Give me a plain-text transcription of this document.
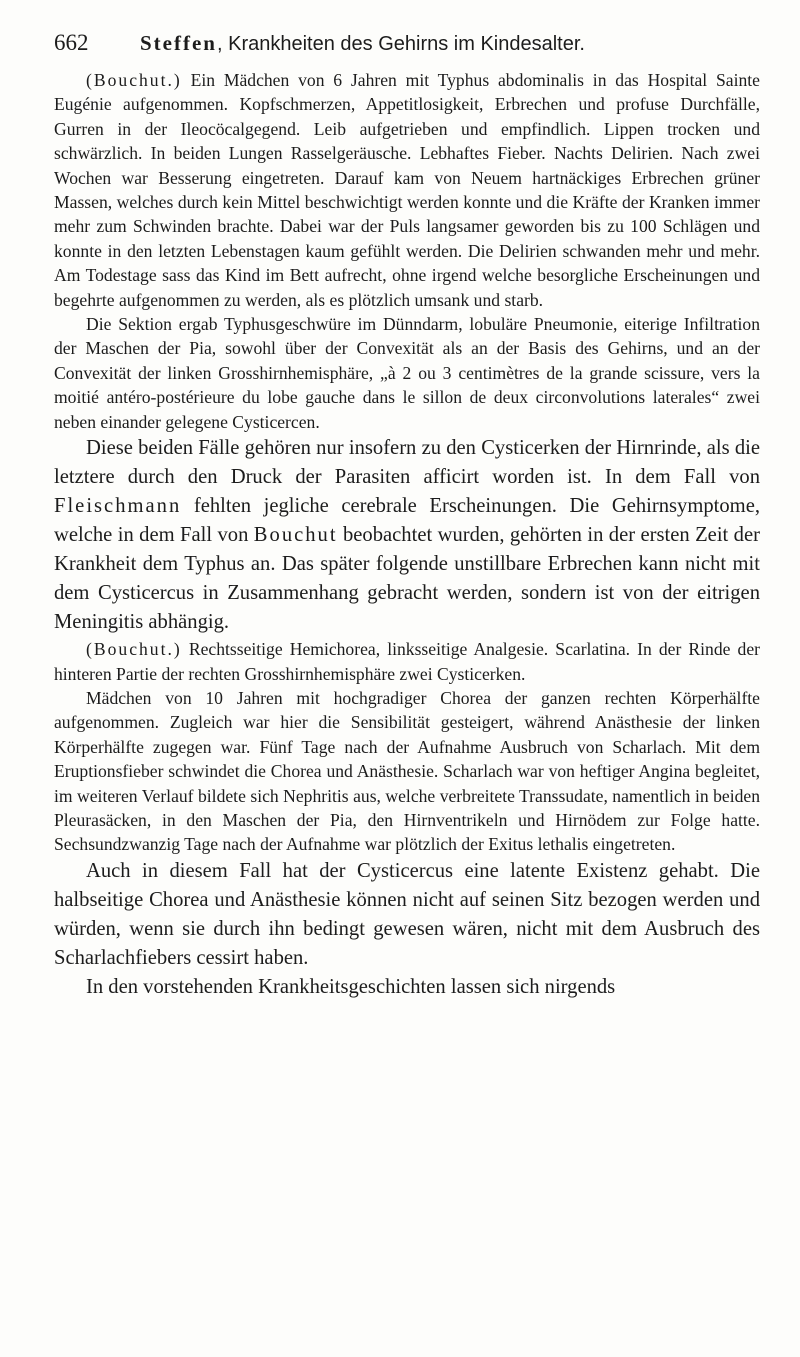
662	Steffen, Krankheiten des Gehirns im Kindesalter.

(Bouchut.) Ein Mädchen von 6 Jahren mit Typhus abdominalis in das Hospital Sainte Eugénie aufgenommen. Kopfschmerzen, Appetitlosigkeit, Erbrechen und profuse Durchfälle, Gurren in der Ileocöcalgegend. Leib aufgetrieben und empfindlich. Lippen trocken und schwärzlich. In beiden Lungen Rasselgeräusche. Lebhaftes Fieber. Nachts Delirien. Nach zwei Wochen war Besserung eingetreten. Darauf kam von Neuem hartnäckiges Erbrechen grüner Massen, welches durch kein Mittel beschwichtigt werden konnte und die Kräfte der Kranken immer mehr zum Schwinden brachte. Dabei war der Puls langsamer geworden bis zu 100 Schlägen und konnte in den letzten Lebenstagen kaum gefühlt werden. Die Delirien schwanden mehr und mehr. Am Todestage sass das Kind im Bett aufrecht, ohne irgend welche besorgliche Erscheinungen und begehrte aufgenommen zu werden, als es plötzlich umsank und starb.

Die Sektion ergab Typhusgeschwüre im Dünndarm, lobuläre Pneumonie, eiterige Infiltration der Maschen der Pia, sowohl über der Convexität als an der Basis des Gehirns, und an der Convexität der linken Grosshirnhemisphäre, „à 2 ou 3 centimètres de la grande scissure, vers la moitié antéro-postérieure du lobe gauche dans le sillon de deux circonvolutions laterales“ zwei neben einander gelegene Cysticercen.

Diese beiden Fälle gehören nur insofern zu den Cysticerken der Hirnrinde, als die letztere durch den Druck der Parasiten afficirt worden ist. In dem Fall von Fleischmann fehlten jegliche cerebrale Erscheinungen. Die Gehirnsymptome, welche in dem Fall von Bouchut beobachtet wurden, gehörten in der ersten Zeit der Krankheit dem Typhus an. Das später folgende unstillbare Erbrechen kann nicht mit dem Cysticercus in Zusammenhang gebracht werden, sondern ist von der eitrigen Meningitis abhängig.

(Bouchut.) Rechtsseitige Hemichorea, linksseitige Analgesie. Scarlatina. In der Rinde der hinteren Partie der rechten Grosshirnhemisphäre zwei Cysticerken.

Mädchen von 10 Jahren mit hochgradiger Chorea der ganzen rechten Körperhälfte aufgenommen. Zugleich war hier die Sensibilität gesteigert, während Anästhesie der linken Körperhälfte zugegen war. Fünf Tage nach der Aufnahme Ausbruch von Scharlach. Mit dem Eruptionsfieber schwindet die Chorea und Anästhesie. Scharlach war von heftiger Angina begleitet, im weiteren Verlauf bildete sich Nephritis aus, welche verbreitete Transsudate, namentlich in beiden Pleurasäcken, in den Maschen der Pia, den Hirnventrikeln und Hirnödem zur Folge hatte. Sechsundzwanzig Tage nach der Aufnahme war plötzlich der Exitus lethalis eingetreten.

Auch in diesem Fall hat der Cysticercus eine latente Existenz gehabt. Die halbseitige Chorea und Anästhesie können nicht auf seinen Sitz bezogen werden und würden, wenn sie durch ihn bedingt gewesen wären, nicht mit dem Ausbruch des Scharlachfiebers cessirt haben.

In den vorstehenden Krankheitsgeschichten lassen sich nirgends
